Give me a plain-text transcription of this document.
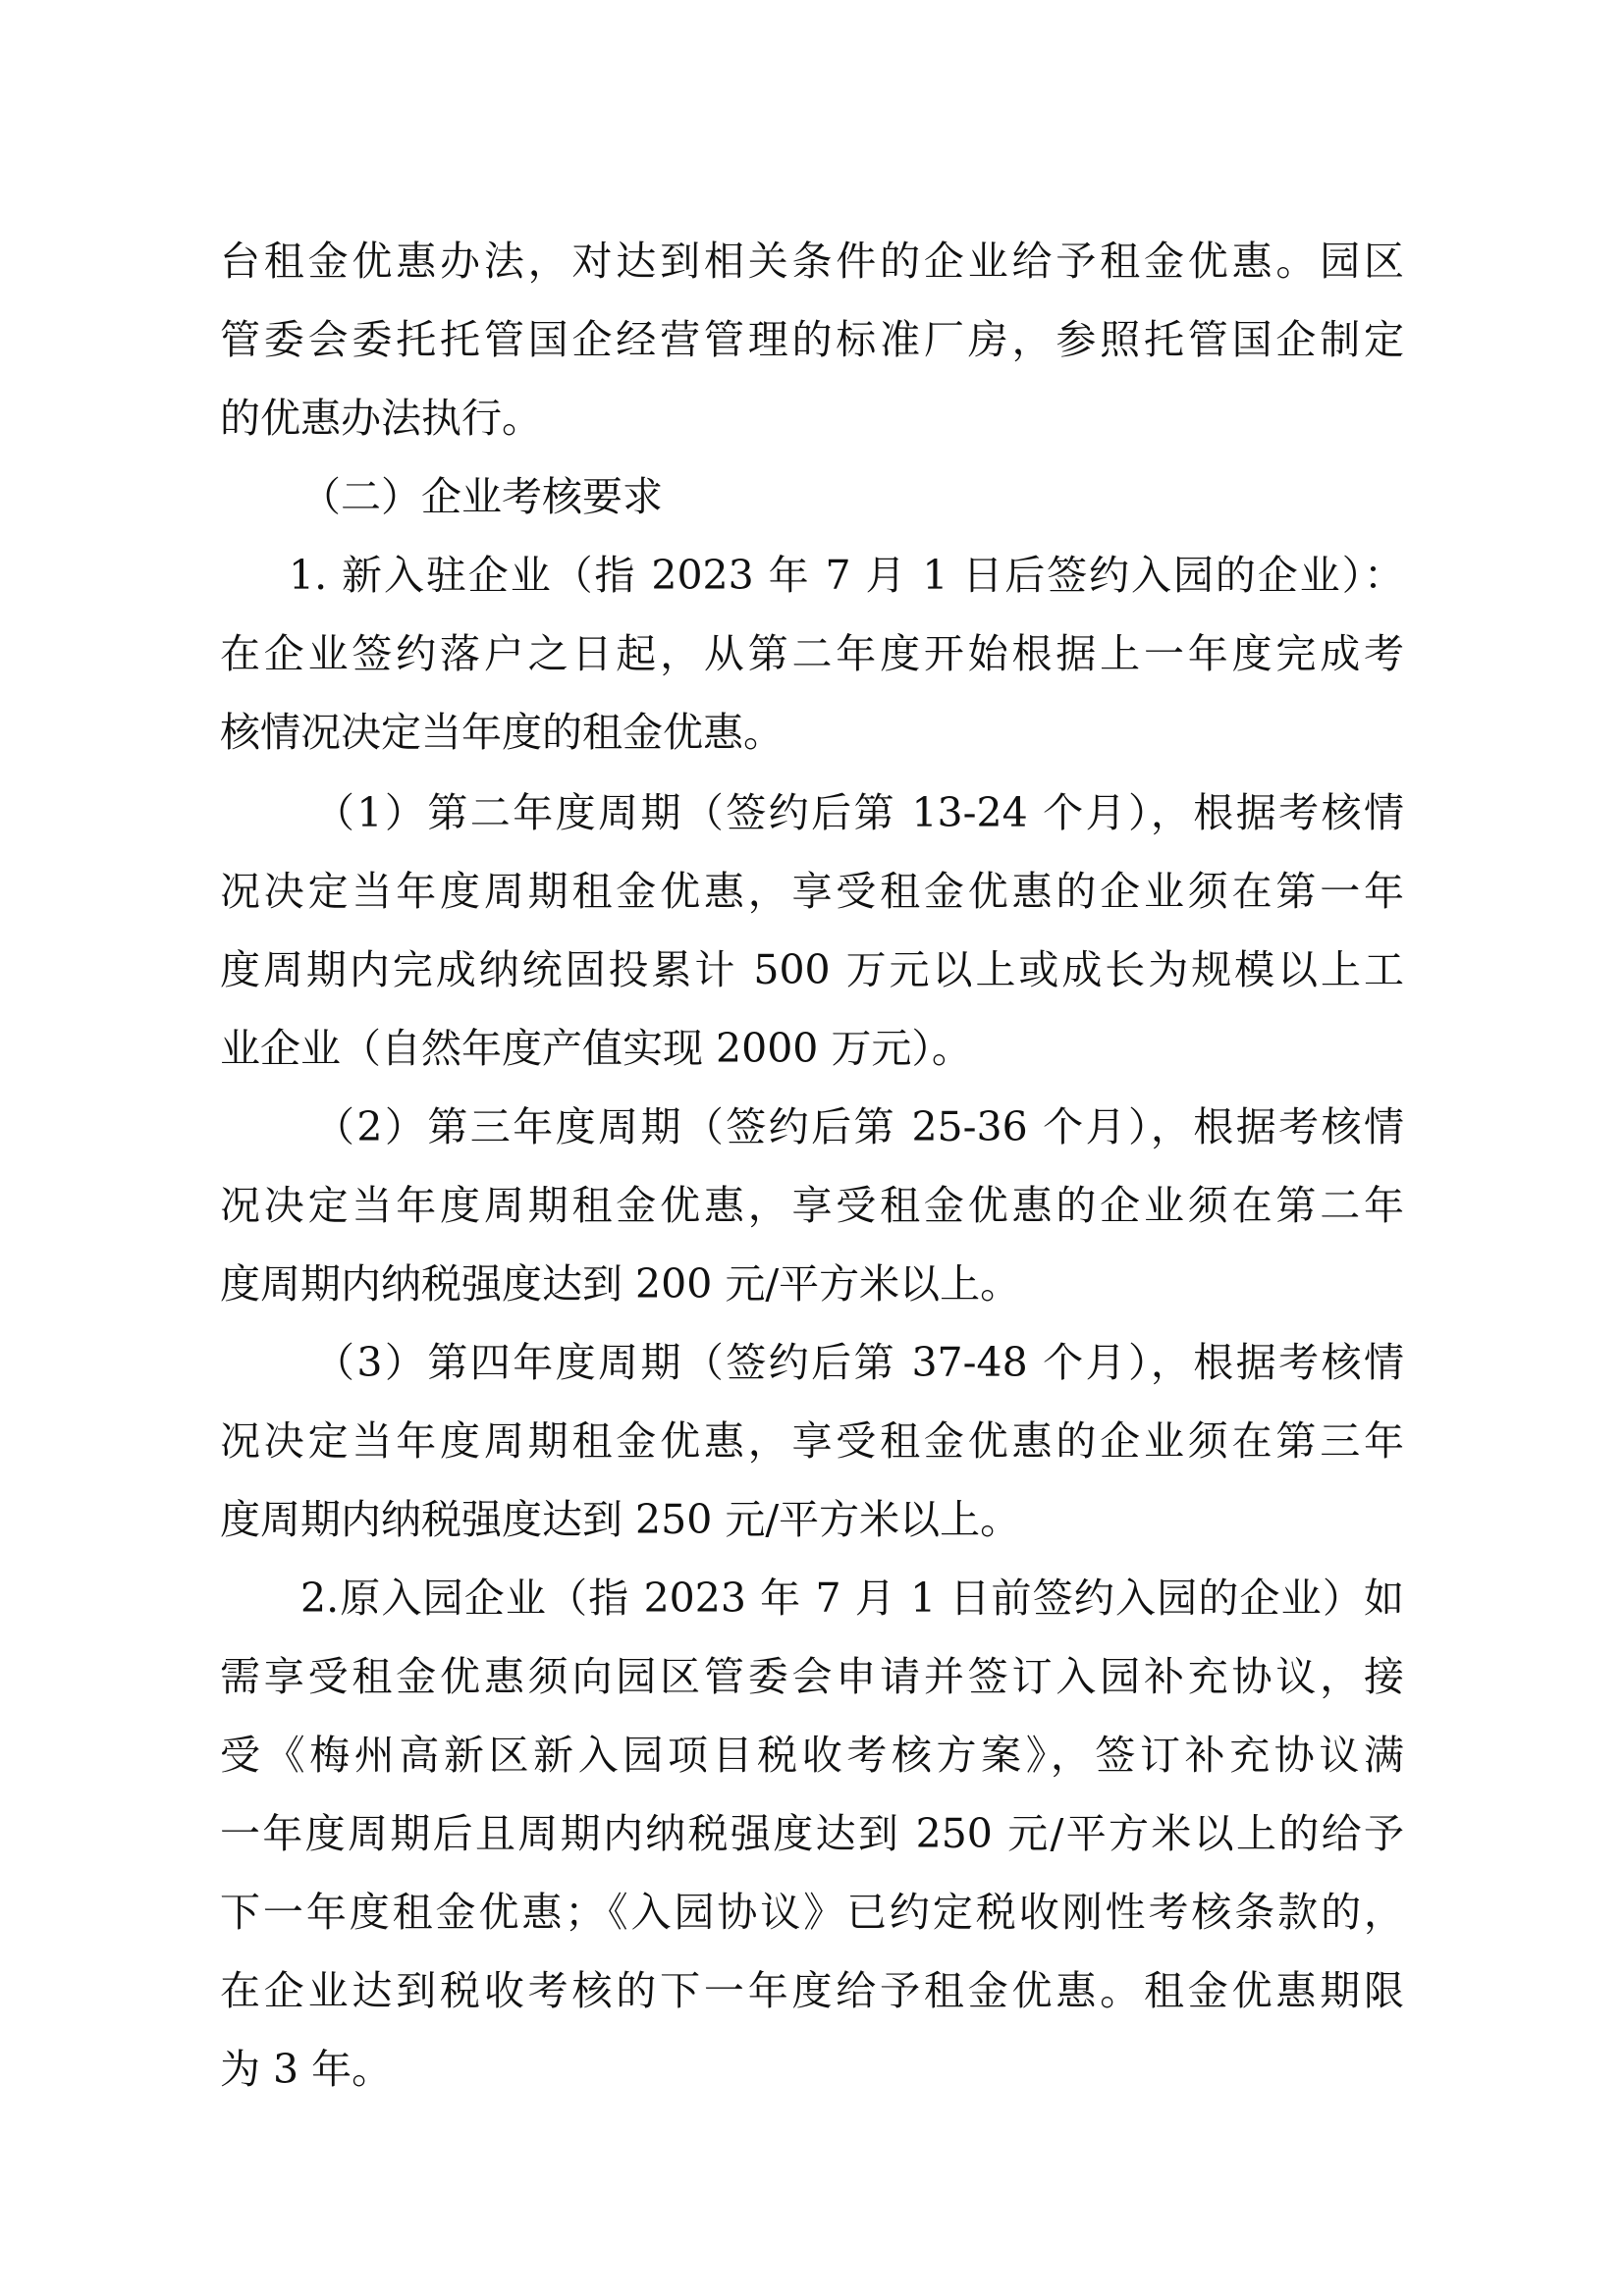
台租金优惠办法，对达到相关条件的企业给予租金优惠。园区
管委会委托托管国企经营管理的标准厂房，参照托管国企制定
的优惠办法执行。
（二）企业考核要求
1. 新入驻企业（指 2023 年 7 月 1 日后签约入园的企业）：
在企业签约落户之日起，从第二年度开始根据上一年度完成考
核情况决定当年度的租金优惠。
（1）第二年度周期（签约后第 13-24 个月），根据考核情
况决定当年度周期租金优惠，享受租金优惠的企业须在第一年
度周期内完成纳统固投累计 500 万元以上或成长为规模以上工
业企业（自然年度产值实现 2000 万元）。
（2）第三年度周期（签约后第 25-36 个月），根据考核情
况决定当年度周期租金优惠，享受租金优惠的企业须在第二年
度周期内纳税强度达到 200 元/平方米以上。
（3）第四年度周期（签约后第 37-48 个月），根据考核情
况决定当年度周期租金优惠，享受租金优惠的企业须在第三年
度周期内纳税强度达到 250 元/平方米以上。
2.原入园企业（指 2023 年 7 月 1 日前签约入园的企业）如
需享受租金优惠须向园区管委会申请并签订入园补充协议，接
受《梅州高新区新入园项目税收考核方案》，签订补充协议满
一年度周期后且周期内纳税强度达到 250 元/平方米以上的给予
下一年度租金优惠；《入园协议》已约定税收刚性考核条款的，
在企业达到税收考核的下一年度给予租金优惠。租金优惠期限
为 3 年。
